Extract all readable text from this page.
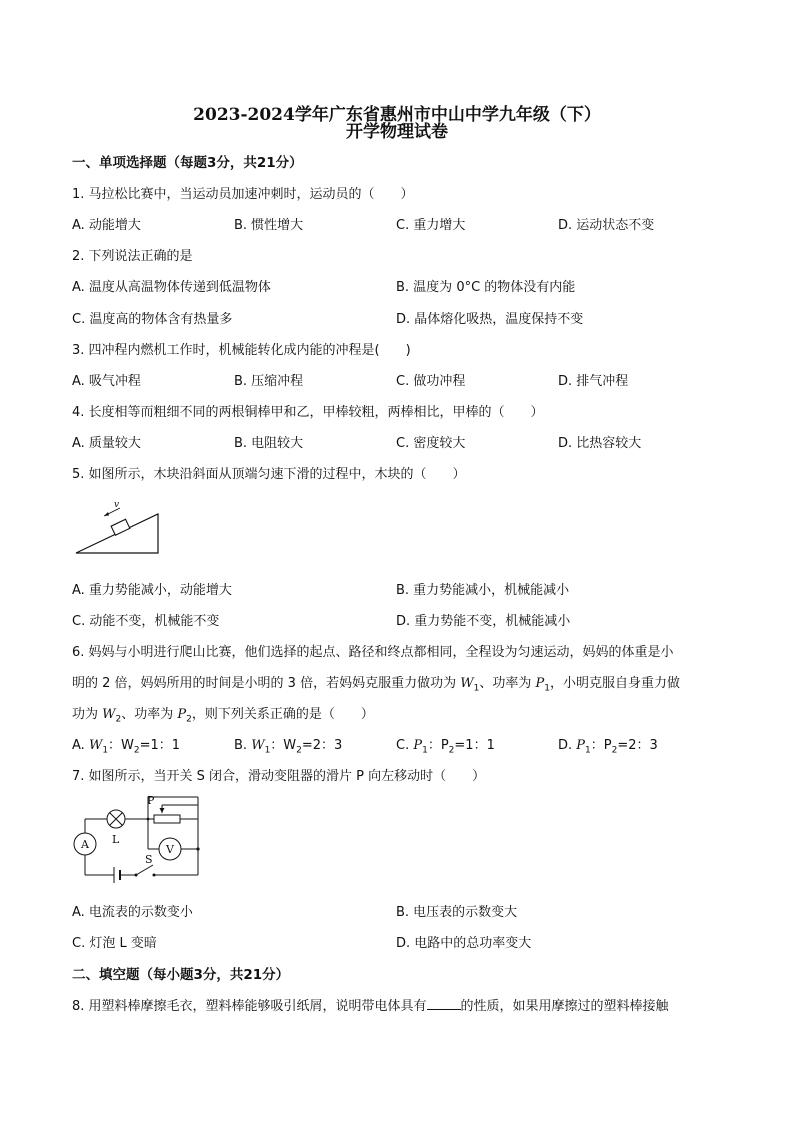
2023-2024学年广东省惠州市中山中学九年级（下）
开学物理试卷
一、单项选择题（每题3分，共21分）
1. 马拉松比赛中，当运动员加速冲刺时，运动员的（　　）
A. 动能增大	B. 惯性增大	C. 重力增大	D. 运动状态不变
2. 下列说法正确的是
A. 温度从高温物体传递到低温物体	B. 温度为 0°C 的物体没有内能
C. 温度高的物体含有热量多	D. 晶体熔化吸热，温度保持不变
3. 四冲程内燃机工作时，机械能转化成内能的冲程是(　　)
A. 吸气冲程	B. 压缩冲程	C. 做功冲程	D. 排气冲程
4. 长度相等而粗细不同的两根铜棒甲和乙，甲棒较粗，两棒相比，甲棒的（　　）
A. 质量较大	B. 电阻较大	C. 密度较大	D. 比热容较大
5. 如图所示，木块沿斜面从顶端匀速下滑的过程中，木块的（　　）
v
A. 重力势能减小，动能增大	B. 重力势能减小，机械能减小
C. 动能不变，机械能不变	D. 重力势能不变，机械能减小
6. 妈妈与小明进行爬山比赛，他们选择的起点、路径和终点都相同，全程设为匀速运动，妈妈的体重是小
明的 2 倍，妈妈所用的时间是小明的 3 倍，若妈妈克服重力做功为 $W_1$、功率为 $P_1$，小明克服自身重力做
功为 $W_2$、功率为 $P_2$，则下列关系正确的是（　　）
A. $W_1$：$W_2=1$：1	B. $W_1$：$W_2=2$：3	C. $P_1$：$P_2=1$：1	D. $P_1$：$P_2=2$：3
7. 如图所示，当开关 S 闭合，滑动变阻器的滑片 P 向左移动时（　　）
P
L
A	V
S
A. 电流表的示数变小	B. 电压表的示数变大
C. 灯泡 L 变暗	D. 电路中的总功率变大
二、填空题（每小题3分，共21分）
8. 用塑料棒摩擦毛衣，塑料棒能够吸引纸屑，说明带电体具有	的性质，如果用摩擦过的塑料棒接触
